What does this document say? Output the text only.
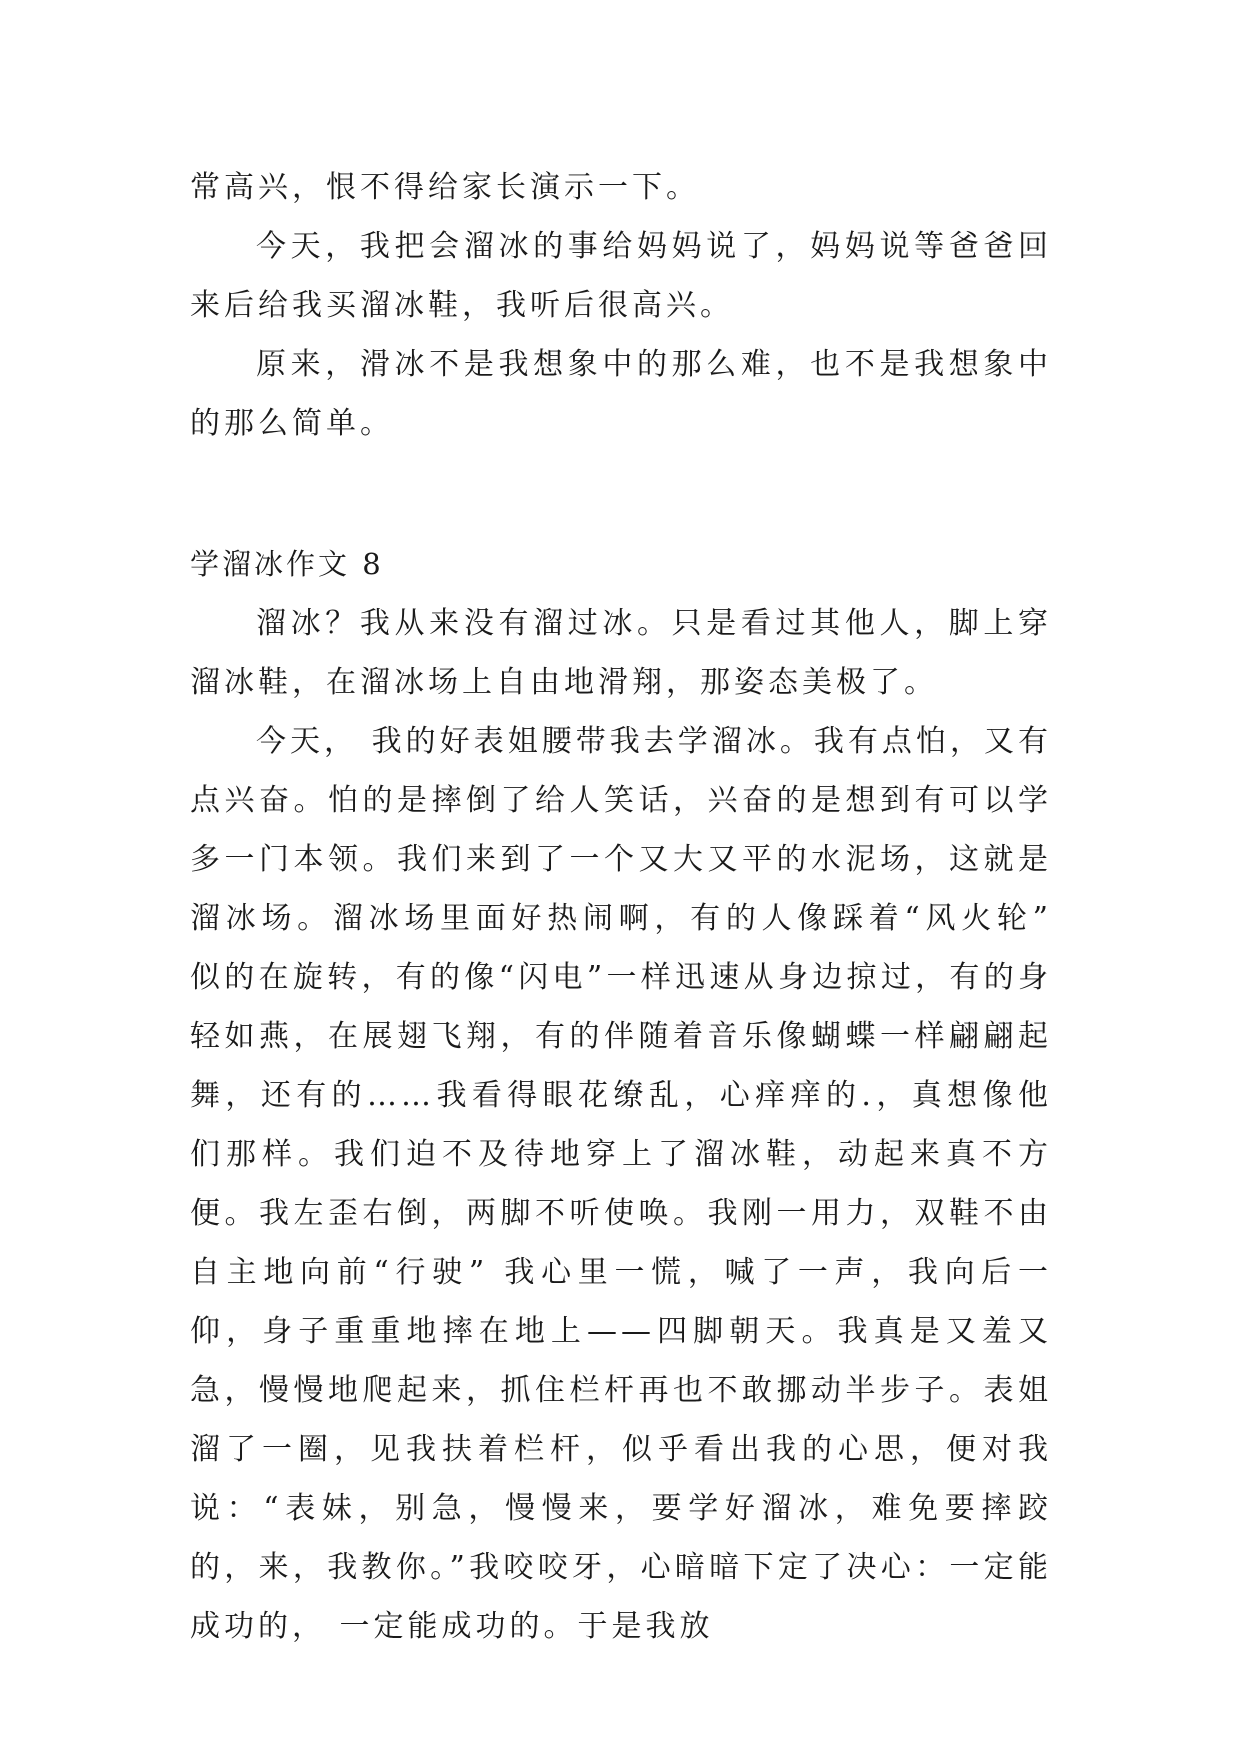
常高兴，恨不得给家长演示一下。

今天，我把会溜冰的事给妈妈说了，妈妈说等爸爸回来后给我买溜冰鞋，我听后很高兴。

原来，滑冰不是我想象中的那么难，也不是我想象中的那么简单。

学溜冰作文 8

溜冰？我从来没有溜过冰。只是看过其他人，脚上穿溜冰鞋，在溜冰场上自由地滑翔，那姿态美极了。

今天， 我的好表姐腰带我去学溜冰。我有点怕，又有点兴奋。怕的是摔倒了给人笑话，兴奋的是想到有可以学多一门本领。我们来到了一个又大又平的水泥场，这就是溜冰场。溜冰场里面好热闹啊，有的人像踩着“风火轮” 似的在旋转，有的像“闪电”一样迅速从身边掠过，有的身轻如燕，在展翅飞翔，有的伴随着音乐像蝴蝶一样翩翩起舞，还有的……我看得眼花缭乱，心痒痒的.，真想像他们那样。我们迫不及待地穿上了溜冰鞋，动起来真不方便。我左歪右倒，两脚不听使唤。我刚一用力，双鞋不由自主地向前“行驶” 我心里一慌，喊了一声，我向后一仰，身子重重地摔在地上——四脚朝天。我真是又羞又急，慢慢地爬起来，抓住栏杆再也不敢挪动半步子。表姐溜了一圈，见我扶着栏杆，似乎看出我的心思，便对我说：“表妹，别急，慢慢来，要学好溜冰，难免要摔跤的，来，我教你。”我咬咬牙，心暗暗下定了决心：一定能成功的， 一定能成功的。于是我放
